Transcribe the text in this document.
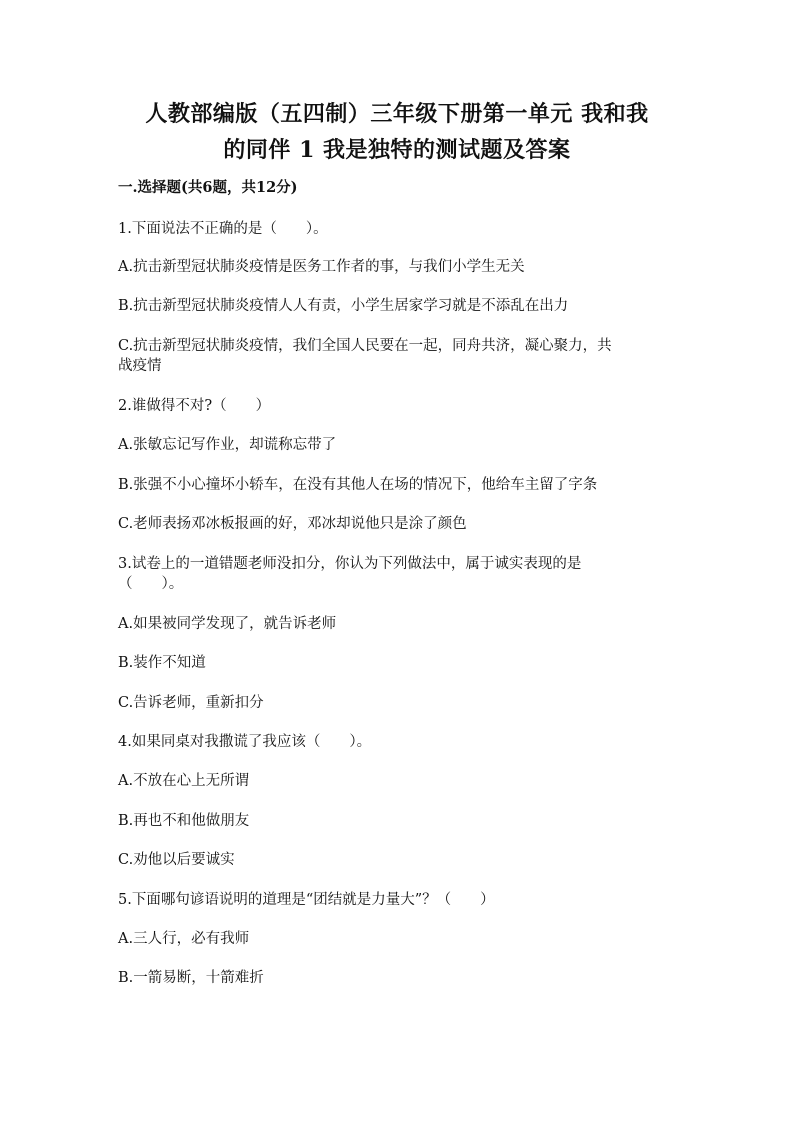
人教部编版（五四制）三年级下册第一单元 我和我
的同伴 1 我是独特的测试题及答案
一.选择题(共6题，共12分)
1.下面说法不正确的是（　　）。
A.抗击新型冠状肺炎疫情是医务工作者的事，与我们小学生无关
B.抗击新型冠状肺炎疫情人人有责，小学生居家学习就是不添乱在出力
C.抗击新型冠状肺炎疫情，我们全国人民要在一起，同舟共济，凝心聚力，共
战疫情
2.谁做得不对?（　　）
A.张敏忘记写作业，却谎称忘带了
B.张强不小心撞坏小轿车，在没有其他人在场的情况下，他给车主留了字条
C.老师表扬邓冰板报画的好，邓冰却说他只是涂了颜色
3.试卷上的一道错题老师没扣分，你认为下列做法中，属于诚实表现的是
（　　）。
A.如果被同学发现了，就告诉老师
B.装作不知道
C.告诉老师，重新扣分
4.如果同桌对我撒谎了我应该（　　）。
A.不放在心上无所谓
B.再也不和他做朋友
C.劝他以后要诚实
5.下面哪句谚语说明的道理是“团结就是力量大”？（　　）
A.三人行，必有我师
B.一箭易断，十箭难折
